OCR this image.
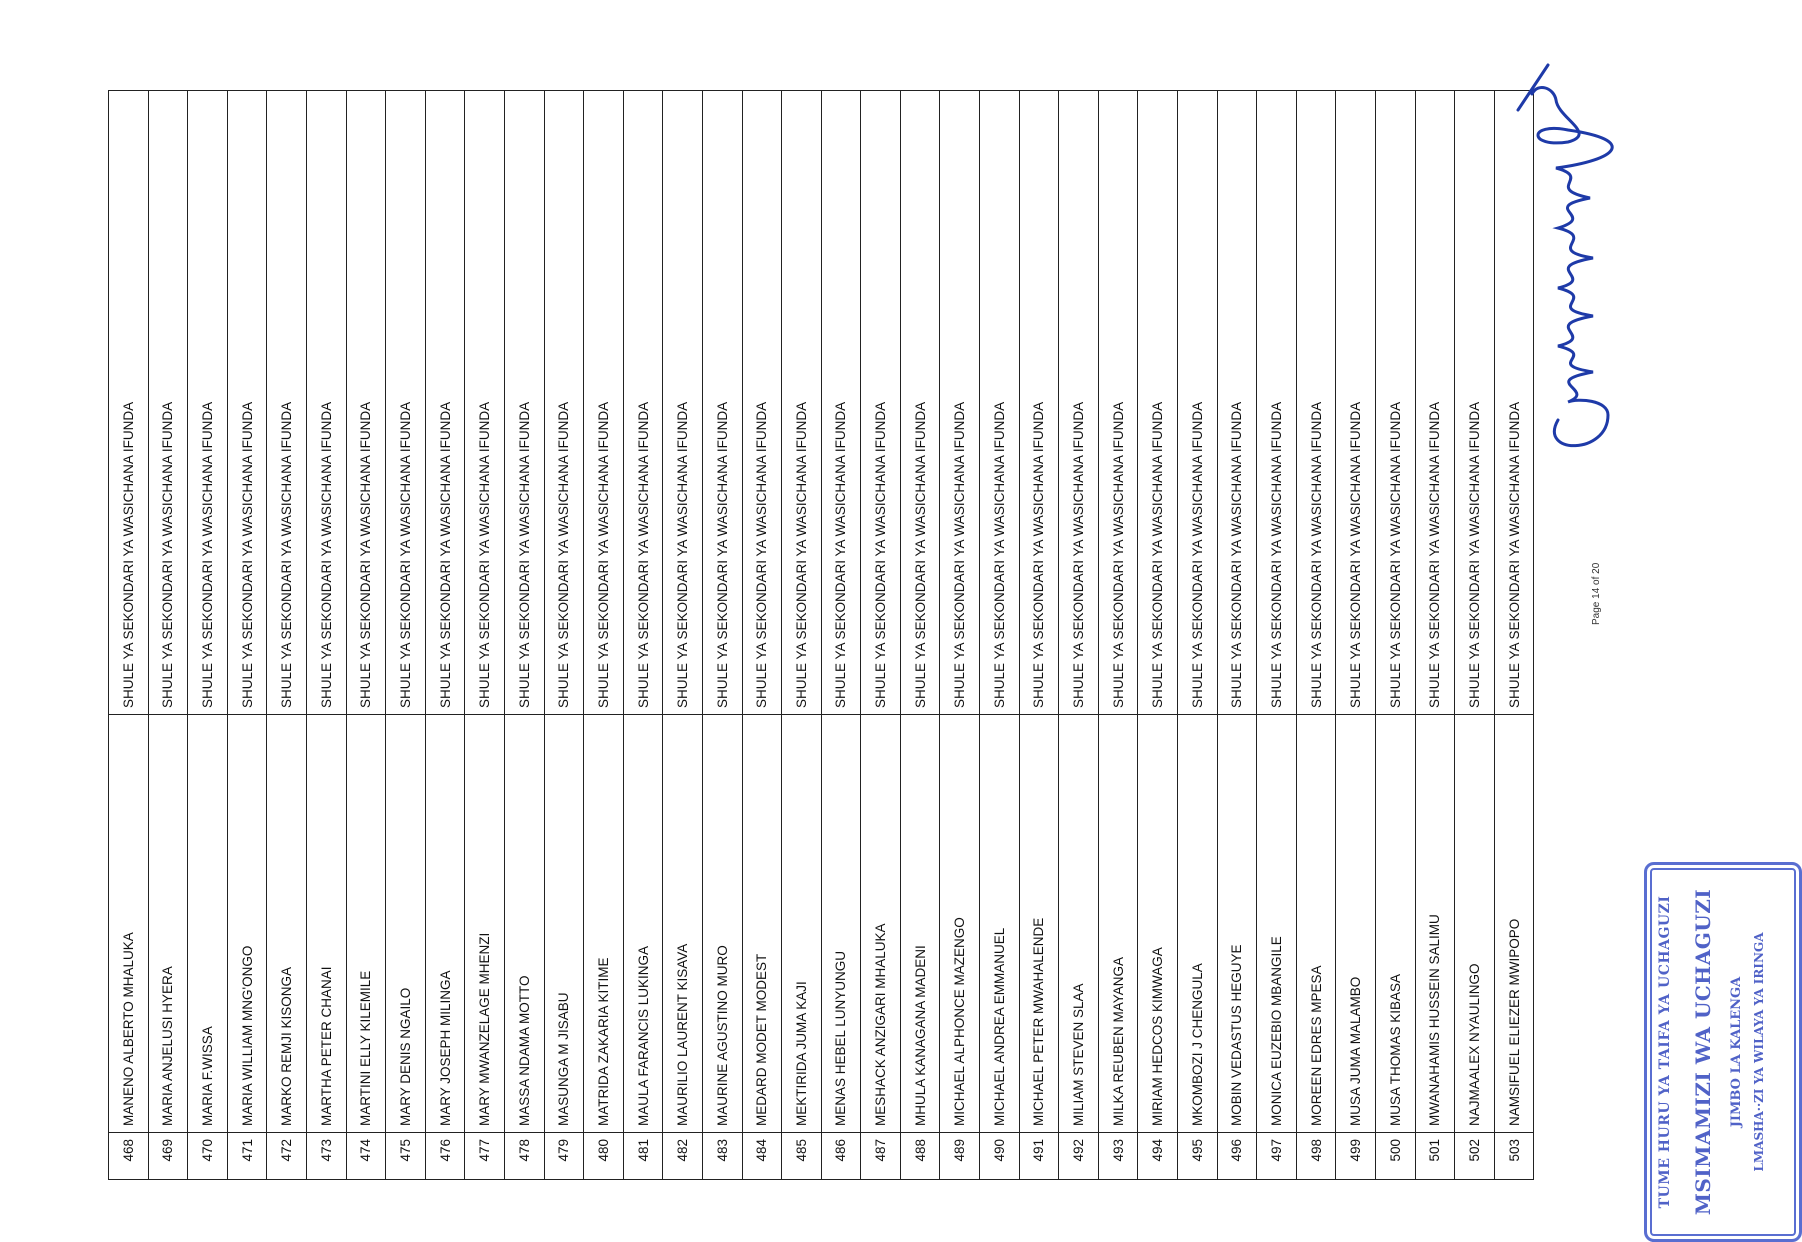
468	MANENO ALBERTO MHALUKA	SHULE YA SEKONDARI YA WASICHANA IFUNDA
469	MARIA ANJELUSI HYERA	SHULE YA SEKONDARI YA WASICHANA IFUNDA
470	MARIA F.WISSA	SHULE YA SEKONDARI YA WASICHANA IFUNDA
471	MARIA WILLIAM MNG'ONGO	SHULE YA SEKONDARI YA WASICHANA IFUNDA
472	MARKO REMJI KISONGA	SHULE YA SEKONDARI YA WASICHANA IFUNDA
473	MARTHA PETER CHANAI	SHULE YA SEKONDARI YA WASICHANA IFUNDA
474	MARTINI ELLY KILEMILE	SHULE YA SEKONDARI YA WASICHANA IFUNDA
475	MARY DENIS NGAILO	SHULE YA SEKONDARI YA WASICHANA IFUNDA
476	MARY JOSEPH MILINGA	SHULE YA SEKONDARI YA WASICHANA IFUNDA
477	MARY MWANZELAGE MHENZI	SHULE YA SEKONDARI YA WASICHANA IFUNDA
478	MASSA NDAMA MOTTO	SHULE YA SEKONDARI YA WASICHANA IFUNDA
479	MASUNGA M JISABU	SHULE YA SEKONDARI YA WASICHANA IFUNDA
480	MATRIDA ZAKARIA KITIME	SHULE YA SEKONDARI YA WASICHANA IFUNDA
481	MAULA FARANCIS LUKINGA	SHULE YA SEKONDARI YA WASICHANA IFUNDA
482	MAURILIO LAURENT KISAVA	SHULE YA SEKONDARI YA WASICHANA IFUNDA
483	MAURINE AGUSTINO MURO	SHULE YA SEKONDARI YA WASICHANA IFUNDA
484	MEDARD MODET MODEST	SHULE YA SEKONDARI YA WASICHANA IFUNDA
485	MEKTIRIDA JUMA KAJI	SHULE YA SEKONDARI YA WASICHANA IFUNDA
486	MENAS HEBEL LUNYUNGU	SHULE YA SEKONDARI YA WASICHANA IFUNDA
487	MESHACK ANZIGARI MHALUKA	SHULE YA SEKONDARI YA WASICHANA IFUNDA
488	MHULA KANAGANA MADENI	SHULE YA SEKONDARI YA WASICHANA IFUNDA
489	MICHAEL ALPHONCE MAZENGO	SHULE YA SEKONDARI YA WASICHANA IFUNDA
490	MICHAEL ANDREA EMMANUEL	SHULE YA SEKONDARI YA WASICHANA IFUNDA
491	MICHAEL PETER MWAHALENDE	SHULE YA SEKONDARI YA WASICHANA IFUNDA
492	MILIAM STEVEN SLAA	SHULE YA SEKONDARI YA WASICHANA IFUNDA
493	MILKA REUBEN MAYANGA	SHULE YA SEKONDARI YA WASICHANA IFUNDA
494	MIRIAM HEDCOS KIMWAGA	SHULE YA SEKONDARI YA WASICHANA IFUNDA
495	MKOMBOZI J CHENGULA	SHULE YA SEKONDARI YA WASICHANA IFUNDA
496	MOBIN VEDASTUS HEGUYE	SHULE YA SEKONDARI YA WASICHANA IFUNDA
497	MONICA EUZEBIO MBANGILE	SHULE YA SEKONDARI YA WASICHANA IFUNDA
498	MOREEN EDRES MPESA	SHULE YA SEKONDARI YA WASICHANA IFUNDA
499	MUSA JUMA MALAMBO	SHULE YA SEKONDARI YA WASICHANA IFUNDA
500	MUSA THOMAS KIBASA	SHULE YA SEKONDARI YA WASICHANA IFUNDA
501	MWANAHAMIS HUSSEIN SALIMU	SHULE YA SEKONDARI YA WASICHANA IFUNDA
502	NAJMAALEX NYAULINGO	SHULE YA SEKONDARI YA WASICHANA IFUNDA
503	NAMSIFUEL ELIEZER MWIPOPO	SHULE YA SEKONDARI YA WASICHANA IFUNDA	Page 14 of 20
TUME HURU YA TAIFA YA UCHAGUZI MSIMAMIZI WA UCHAGUZI JIMBO LA KALENGA LMASHA··ZI YA WILAYA YA IRINGA
